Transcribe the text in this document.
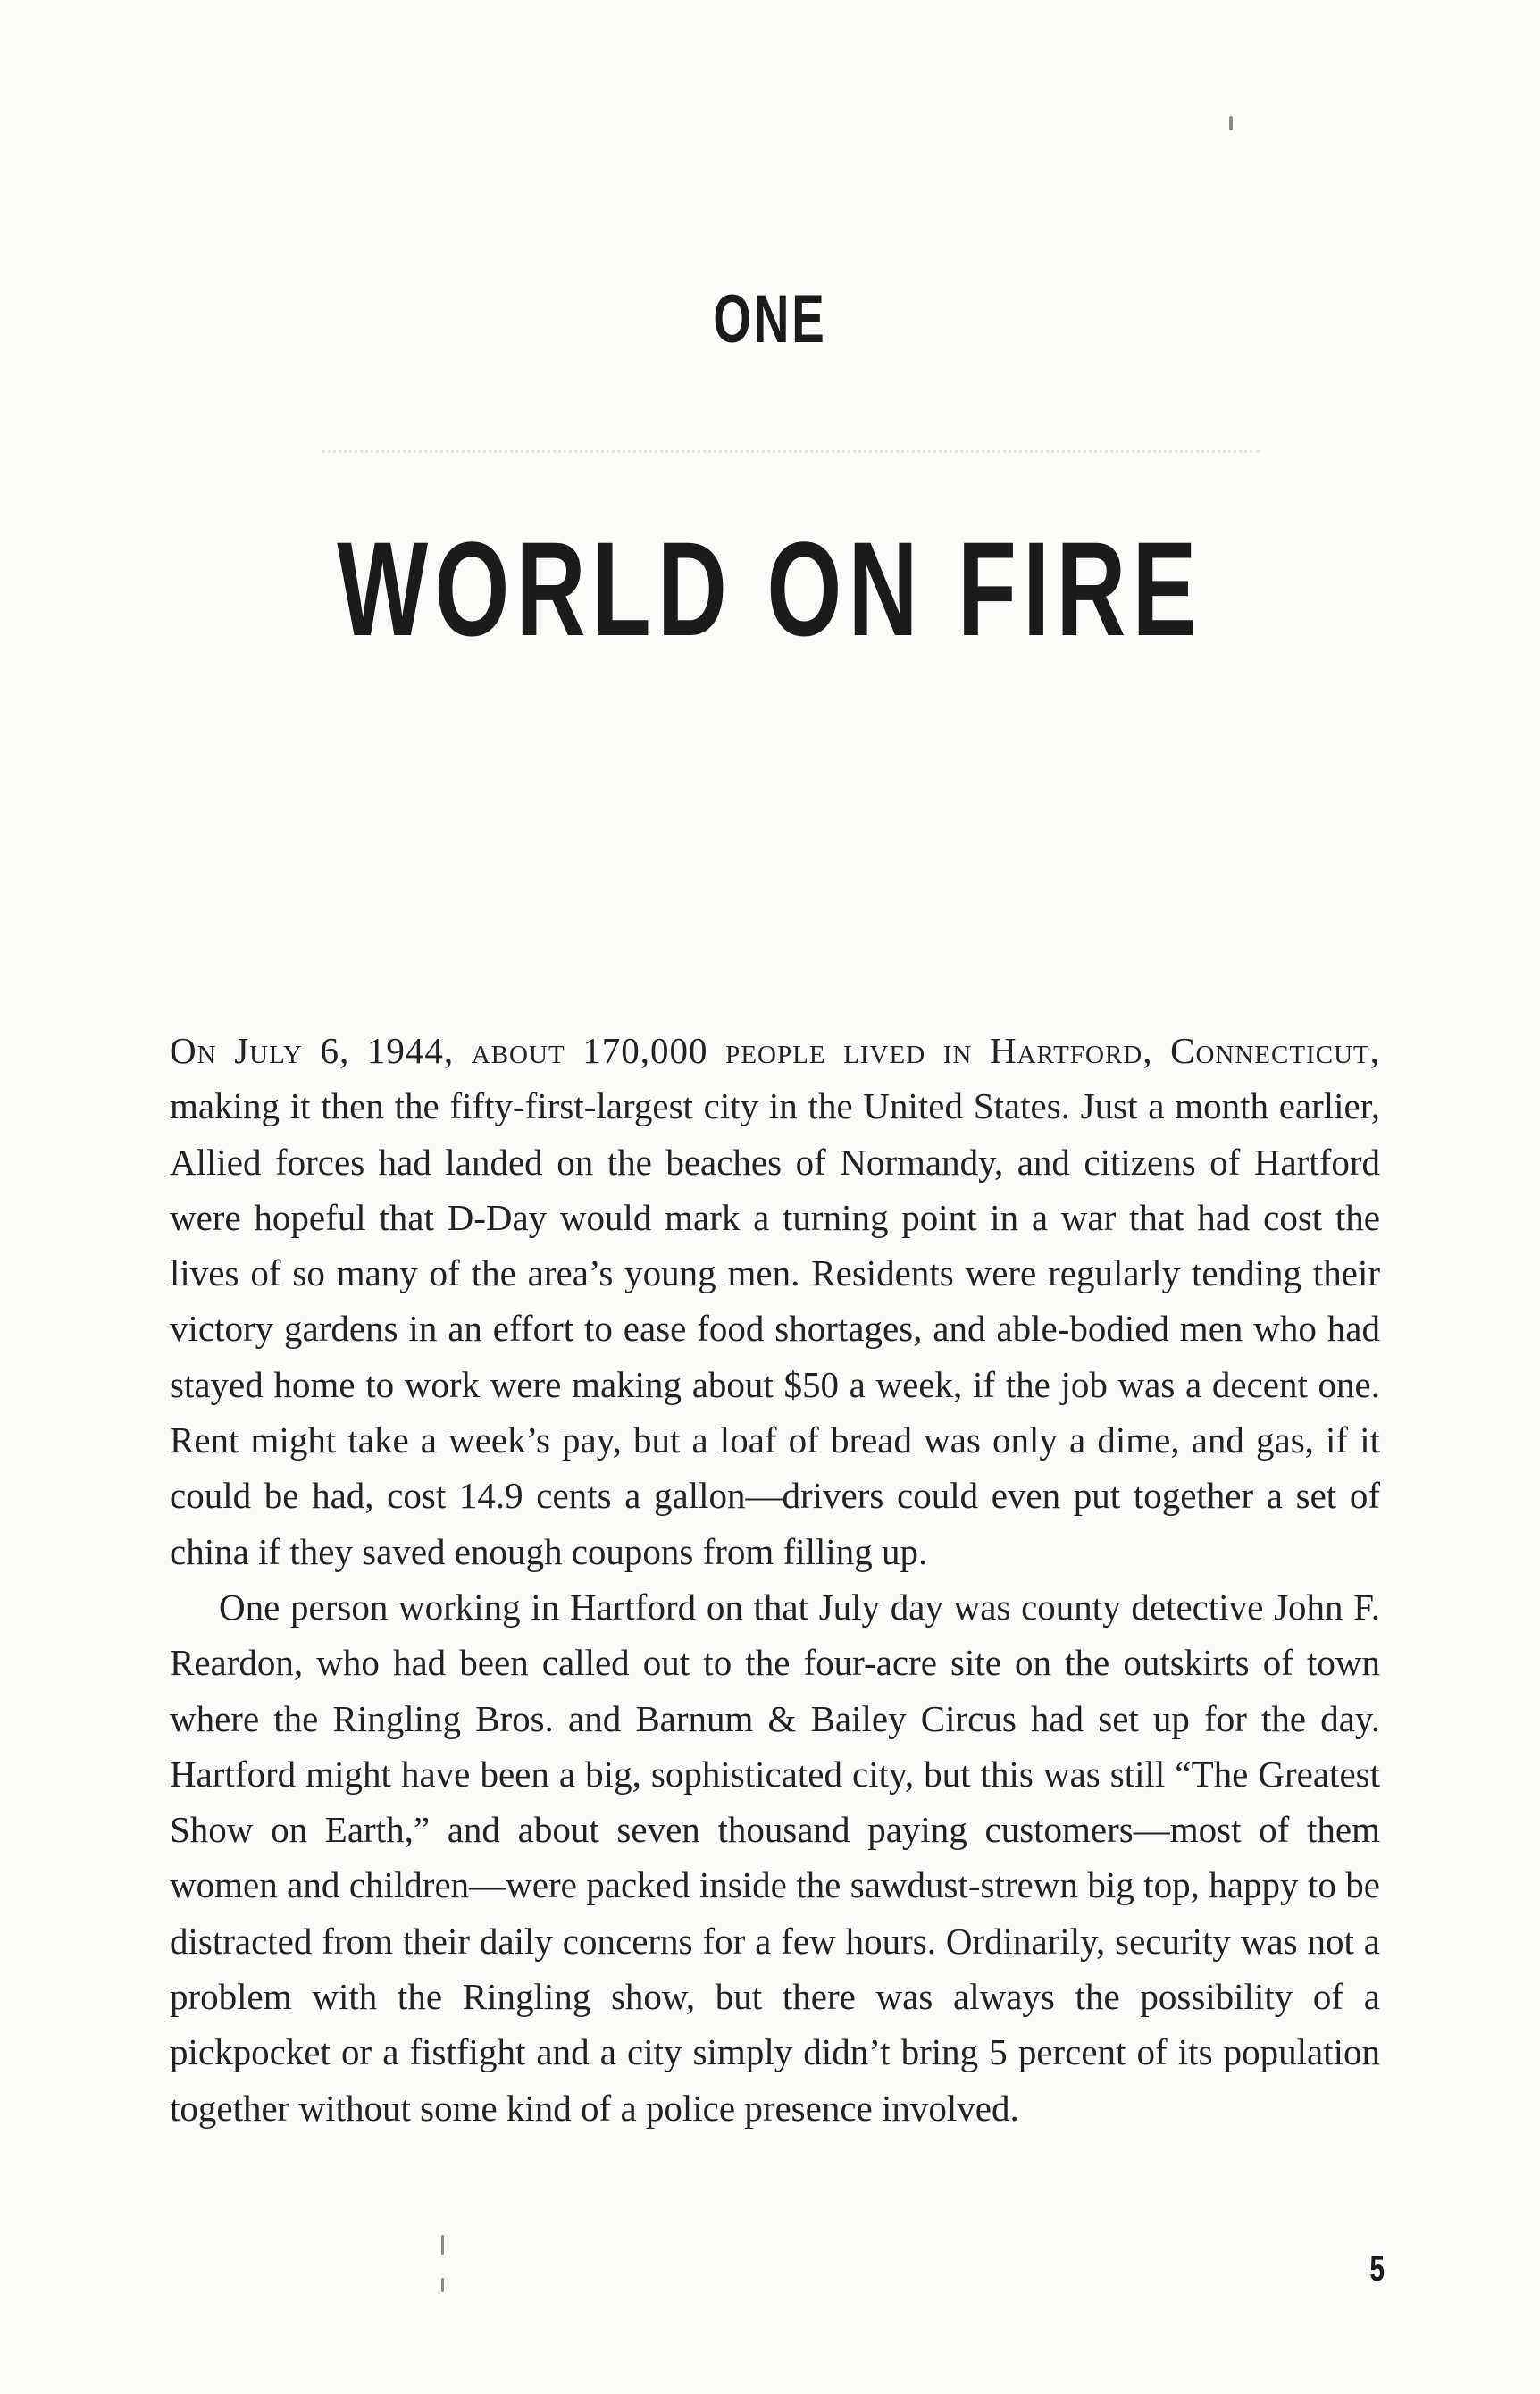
ONE
WORLD ON FIRE

On July 6, 1944, about 170,000 people lived in Hartford, Connecticut, making it then the fifty-first-largest city in the United States. Just a month earlier, Allied forces had landed on the beaches of Normandy, and citizens of Hartford were hopeful that D-Day would mark a turning point in a war that had cost the lives of so many of the area’s young men. Residents were regularly tending their victory gardens in an effort to ease food shortages, and able-bodied men who had stayed home to work were making about $50 a week, if the job was a decent one. Rent might take a week’s pay, but a loaf of bread was only a dime, and gas, if it could be had, cost 14.9 cents a gallon—drivers could even put together a set of china if they saved enough coupons from filling up.

One person working in Hartford on that July day was county detective John F. Reardon, who had been called out to the four-acre site on the outskirts of town where the Ringling Bros. and Barnum & Bailey Circus had set up for the day. Hartford might have been a big, sophisticated city, but this was still “The Greatest Show on Earth,” and about seven thousand paying customers—most of them women and children—were packed inside the sawdust-strewn big top, happy to be distracted from their daily concerns for a few hours. Ordinarily, security was not a problem with the Ringling show, but there was always the possibility of a pickpocket or a fistfight and a city simply didn’t bring 5 percent of its population together without some kind of a police presence involved.

5
